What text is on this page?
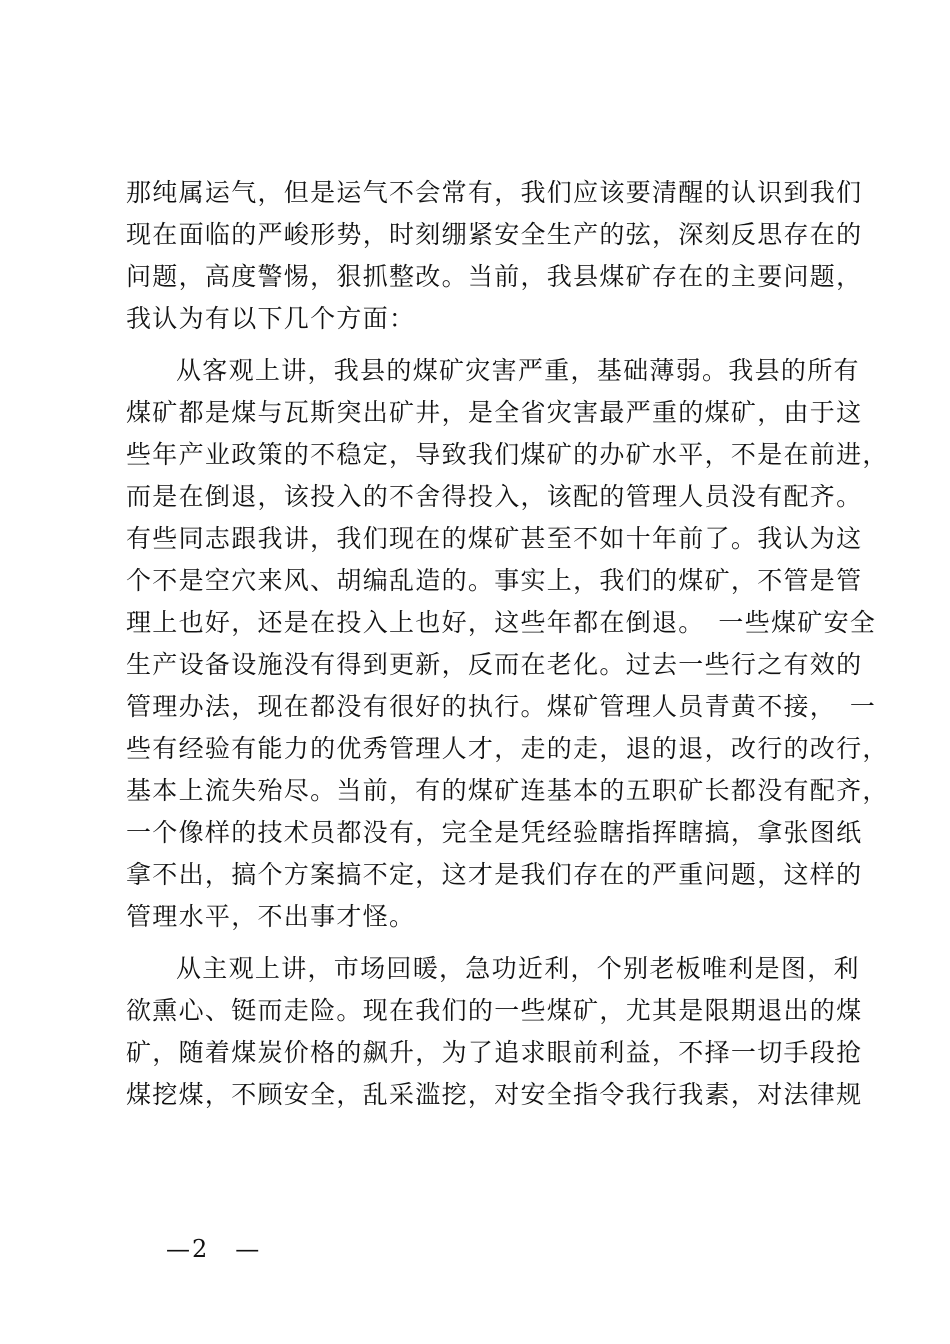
那纯属运气，但是运气不会常有，我们应该要清醒的认识到我们
现在面临的严峻形势，时刻绷紧安全生产的弦，深刻反思存在的
问题，高度警惕，狠抓整改。当前，我县煤矿存在的主要问题，
我认为有以下几个方面：
从客观上讲，我县的煤矿灾害严重，基础薄弱。我县的所有
煤矿都是煤与瓦斯突出矿井，是全省灾害最严重的煤矿，由于这
些年产业政策的不稳定，导致我们煤矿的办矿水平，不是在前进，
而是在倒退，该投入的不舍得投入，该配的管理人员没有配齐。
有些同志跟我讲，我们现在的煤矿甚至不如十年前了。我认为这
个不是空穴来风、胡编乱造的。事实上，我们的煤矿，不管是管
理上也好，还是在投入上也好，这些年都在倒退。　一些煤矿安全
生产设备设施没有得到更新，反而在老化。过去一些行之有效的
管理办法，现在都没有很好的执行。煤矿管理人员青黄不接，　一
些有经验有能力的优秀管理人才，走的走，退的退，改行的改行，
基本上流失殆尽。当前，有的煤矿连基本的五职矿长都没有配齐，
一个像样的技术员都没有，完全是凭经验瞎指挥瞎搞，拿张图纸
拿不出，搞个方案搞不定，这才是我们存在的严重问题，这样的
管理水平，不出事才怪。
从主观上讲，市场回暖，急功近利，个别老板唯利是图，利
欲熏心、铤而走险。现在我们的一些煤矿，尤其是限期退出的煤
矿，随着煤炭价格的飙升，为了追求眼前利益，不择一切手段抢
煤挖煤，不顾安全，乱采滥挖，对安全指令我行我素，对法律规
—2　—
